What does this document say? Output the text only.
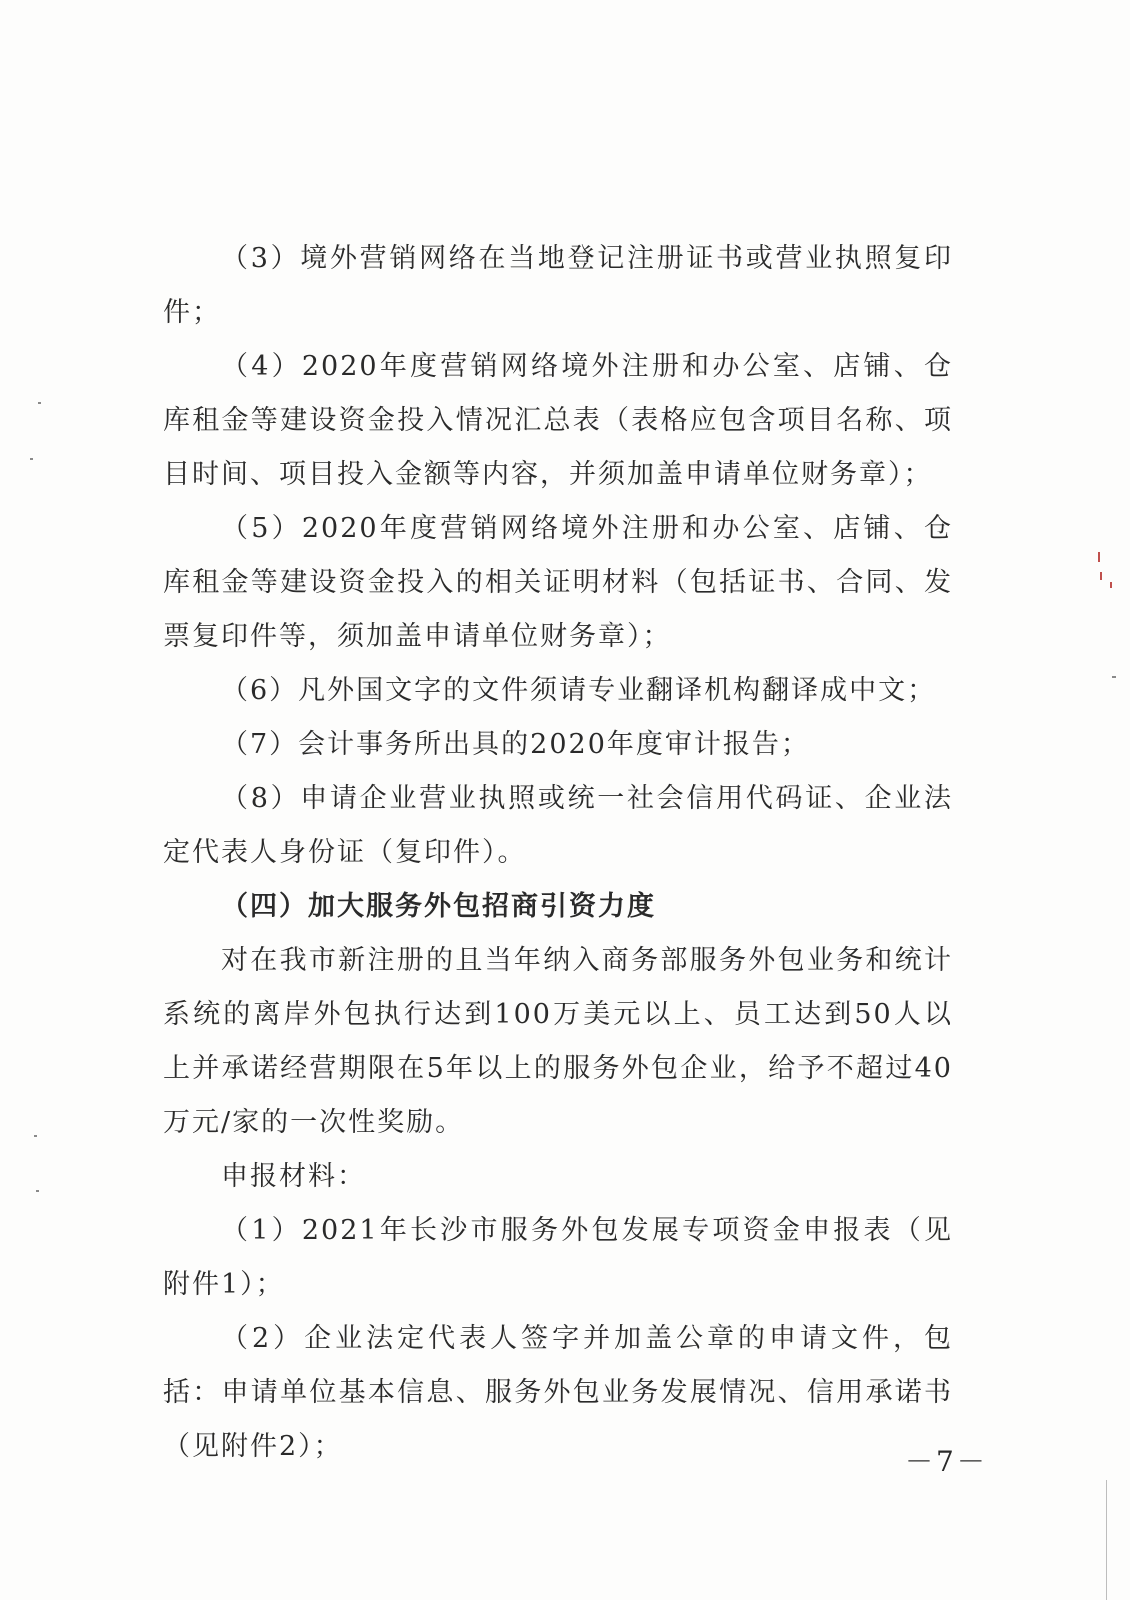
（3）境外营销网络在当地登记注册证书或营业执照复印件；

（4）2020年度营销网络境外注册和办公室、店铺、仓库租金等建设资金投入情况汇总表（表格应包含项目名称、项目时间、项目投入金额等内容，并须加盖申请单位财务章）；

（5）2020年度营销网络境外注册和办公室、店铺、仓库租金等建设资金投入的相关证明材料（包括证书、合同、发票复印件等，须加盖申请单位财务章）；

（6）凡外国文字的文件须请专业翻译机构翻译成中文；

（7）会计事务所出具的2020年度审计报告；

（8）申请企业营业执照或统一社会信用代码证、企业法定代表人身份证（复印件）。

（四）加大服务外包招商引资力度

对在我市新注册的且当年纳入商务部服务外包业务和统计系统的离岸外包执行达到100万美元以上、员工达到50人以上并承诺经营期限在5年以上的服务外包企业，给予不超过40万元/家的一次性奖励。

申报材料：

（1）2021年长沙市服务外包发展专项资金申报表（见附件1）；

（2）企业法定代表人签字并加盖公章的申请文件，包括：申请单位基本信息、服务外包业务发展情况、信用承诺书（见附件2）；	－7－
